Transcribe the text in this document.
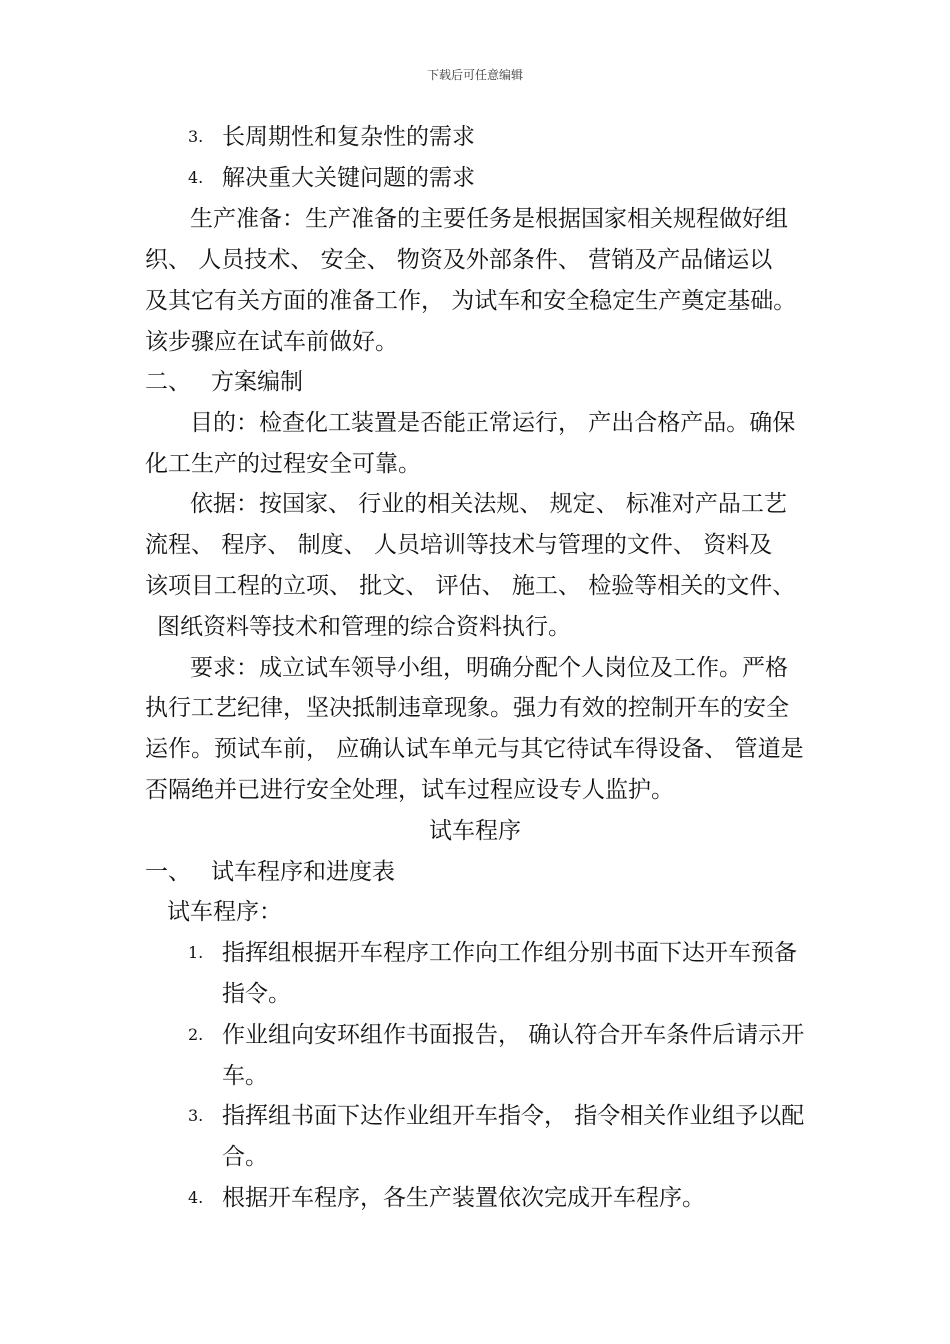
下载后可任意编辑
3. 长周期性和复杂性的需求
4. 解决重大关键问题的需求
生产准备：生产准备的主要任务是根据国家相关规程做好组
织、 人员技术、 安全、 物资及外部条件、 营销及产品储运以
及其它有关方面的准备工作， 为试车和安全稳定生产奠定基础。
该步骤应在试车前做好。
二、 方案编制
目的：检查化工装置是否能正常运行， 产出合格产品。确保
化工生产的过程安全可靠。
依据：按国家、 行业的相关法规、 规定、 标准对产品工艺
流程、 程序、 制度、 人员培训等技术与管理的文件、 资料及
该项目工程的立项、 批文、 评估、 施工、 检验等相关的文件、
图纸资料等技术和管理的综合资料执行。
要求：成立试车领导小组，明确分配个人岗位及工作。严格
执行工艺纪律，坚决抵制违章现象。强力有效的控制开车的安全
运作。预试车前， 应确认试车单元与其它待试车得设备、 管道是
否隔绝并已进行安全处理，试车过程应设专人监护。
试车程序
一、 试车程序和进度表
试车程序：
1. 指挥组根据开车程序工作向工作组分别书面下达开车预备
指令。
2. 作业组向安环组作书面报告， 确认符合开车条件后请示开
车。
3. 指挥组书面下达作业组开车指令， 指令相关作业组予以配
合。
4. 根据开车程序，各生产装置依次完成开车程序。
